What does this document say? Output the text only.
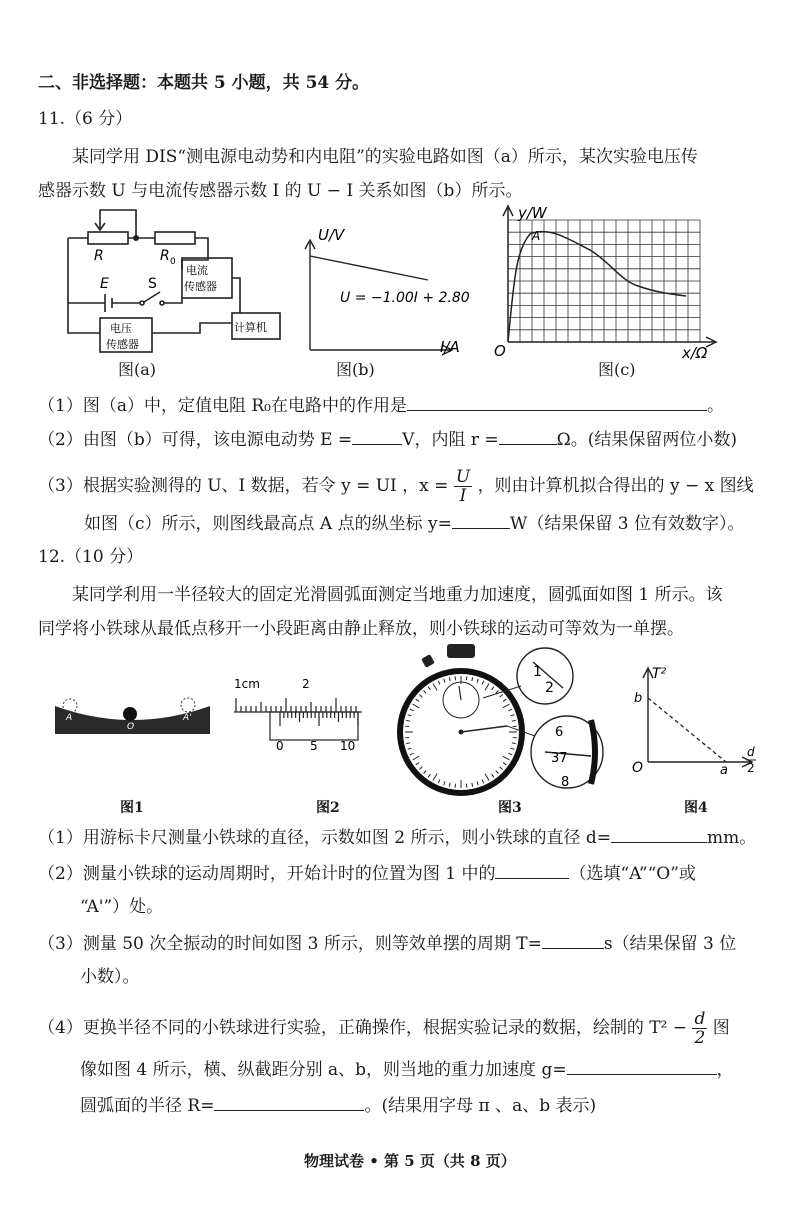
二、非选择题：本题共 5 小题，共 54 分。
11.（6 分）
某同学用 DIS“测电源电动势和内电阻”的实验电路如图（a）所示，某次实验电压传
感器示数 U 与电流传感器示数 I 的 U − I 关系如图（b）所示。
R	R 0
E	S
电流
传感器
电压
传感器
计算机
图(a)
U/V
U = −1.00I + 2.80
I/A
图(b)
y/W
A
O	x/Ω
图(c)
（1）图（a）中，定值电阻 R₀在电路中的作用是	。
（2）由图（b）可得，该电源电动势 E =	V，内阻 r =	Ω。(结果保留两位小数)
（3）根据实验测得的 U、I 数据，若令 y = UI ，$x = \frac{U}{I}$ ，则由计算机拟合得出的 y − x 图线
如图（c）所示，则图线最高点 A 点的纵坐标 y=	W（结果保留 3 位有效数字）。
12.（10 分）
某同学利用一半径较大的固定光滑圆弧面测定当地重力加速度，圆弧面如图 1 所示。该
同学将小铁球从最低点移开一小段距离由静止释放，则小铁球的运动可等效为一单摆。
A
O
A'
图1
1cm	2
0 5 10
图2
1
2
6
37
8
图3
T²
b
O	a
d
2
图4
（1）用游标卡尺测量小铁球的直径，示数如图 2 所示，则小铁球的直径 d=	mm。
（2）测量小铁球的运动周期时，开始计时的位置为图 1 中的	（选填“A”“O”或
“A'”）处。
（3）测量 50 次全振动的时间如图 3 所示，则等效单摆的周期 T=	s（结果保留 3 位
小数）。
（4）更换半径不同的小铁球进行实验，正确操作，根据实验记录的数据，绘制的 $T^2 - \frac{d}{2}$ 图
像如图 4 所示，横、纵截距分别 a、b，则当地的重力加速度 g=	，
圆弧面的半径 R=	。(结果用字母 π 、a、b 表示)
物理试卷 • 第 5 页（共 8 页）
